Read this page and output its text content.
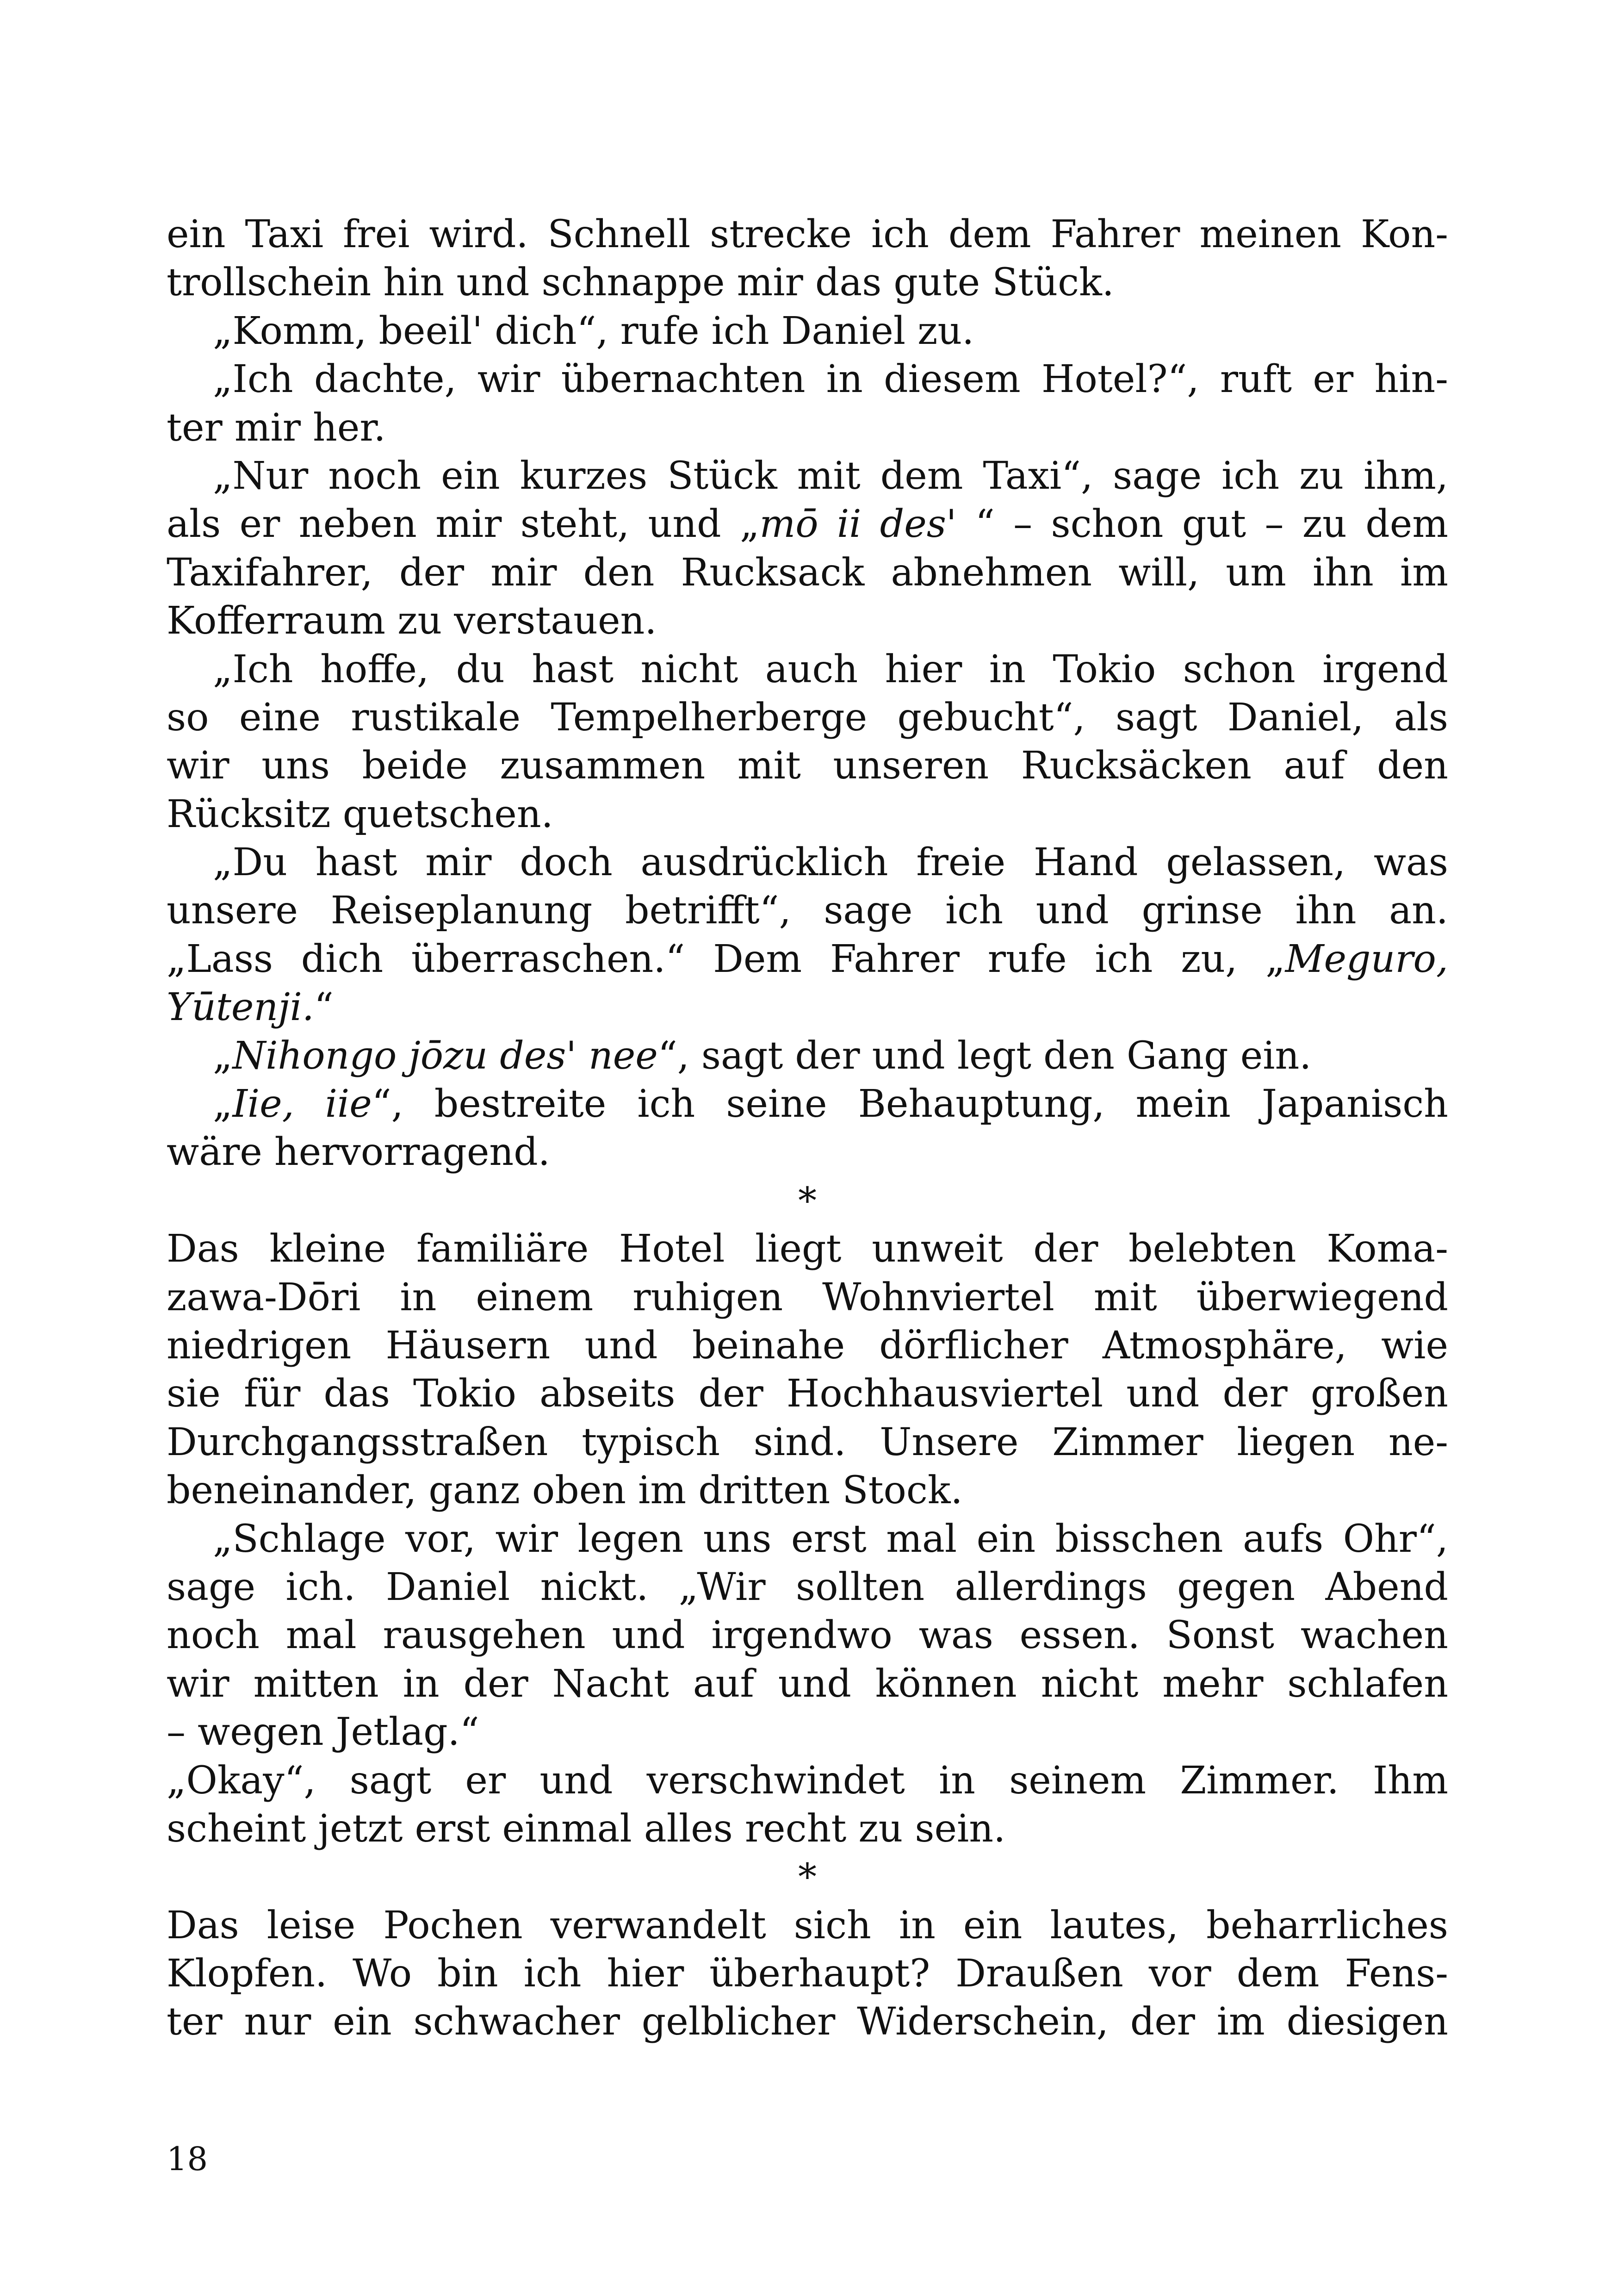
ein Taxi frei wird. Schnell strecke ich dem Fahrer meinen Kon-
trollschein hin und schnappe mir das gute Stück.
„Komm, beeil' dich“, rufe ich Daniel zu.
„Ich dachte, wir übernachten in diesem Hotel?“, ruft er hin-
ter mir her.
„Nur noch ein kurzes Stück mit dem Taxi“, sage ich zu ihm,
als er neben mir steht, und „mō ii des' “ – schon gut – zu dem
Taxifahrer, der mir den Rucksack abnehmen will, um ihn im
Kofferraum zu verstauen.
„Ich hoffe, du hast nicht auch hier in Tokio schon irgend
so eine rustikale Tempelherberge gebucht“, sagt Daniel, als
wir uns beide zusammen mit unseren Rucksäcken auf den
Rücksitz quetschen.
„Du hast mir doch ausdrücklich freie Hand gelassen, was
unsere Reiseplanung betrifft“, sage ich und grinse ihn an.
„Lass dich überraschen.“ Dem Fahrer rufe ich zu, „Meguro,
Yūtenji.“
„Nihongo jōzu des' nee“, sagt der und legt den Gang ein.
„Iie, iie“, bestreite ich seine Behauptung, mein Japanisch
wäre hervorragend.
*
Das kleine familiäre Hotel liegt unweit der belebten Koma-
zawa-Dōri in einem ruhigen Wohnviertel mit überwiegend
niedrigen Häusern und beinahe dörflicher Atmosphäre, wie
sie für das Tokio abseits der Hochhausviertel und der großen
Durchgangsstraßen typisch sind. Unsere Zimmer liegen ne-
beneinander, ganz oben im dritten Stock.
„Schlage vor, wir legen uns erst mal ein bisschen aufs Ohr“,
sage ich. Daniel nickt. „Wir sollten allerdings gegen Abend
noch mal rausgehen und irgendwo was essen. Sonst wachen
wir mitten in der Nacht auf und können nicht mehr schlafen
– wegen Jetlag.“
„Okay“, sagt er und verschwindet in seinem Zimmer. Ihm
scheint jetzt erst einmal alles recht zu sein.
*
Das leise Pochen verwandelt sich in ein lautes, beharrliches
Klopfen. Wo bin ich hier überhaupt? Draußen vor dem Fens-
ter nur ein schwacher gelblicher Widerschein, der im diesigen
18
